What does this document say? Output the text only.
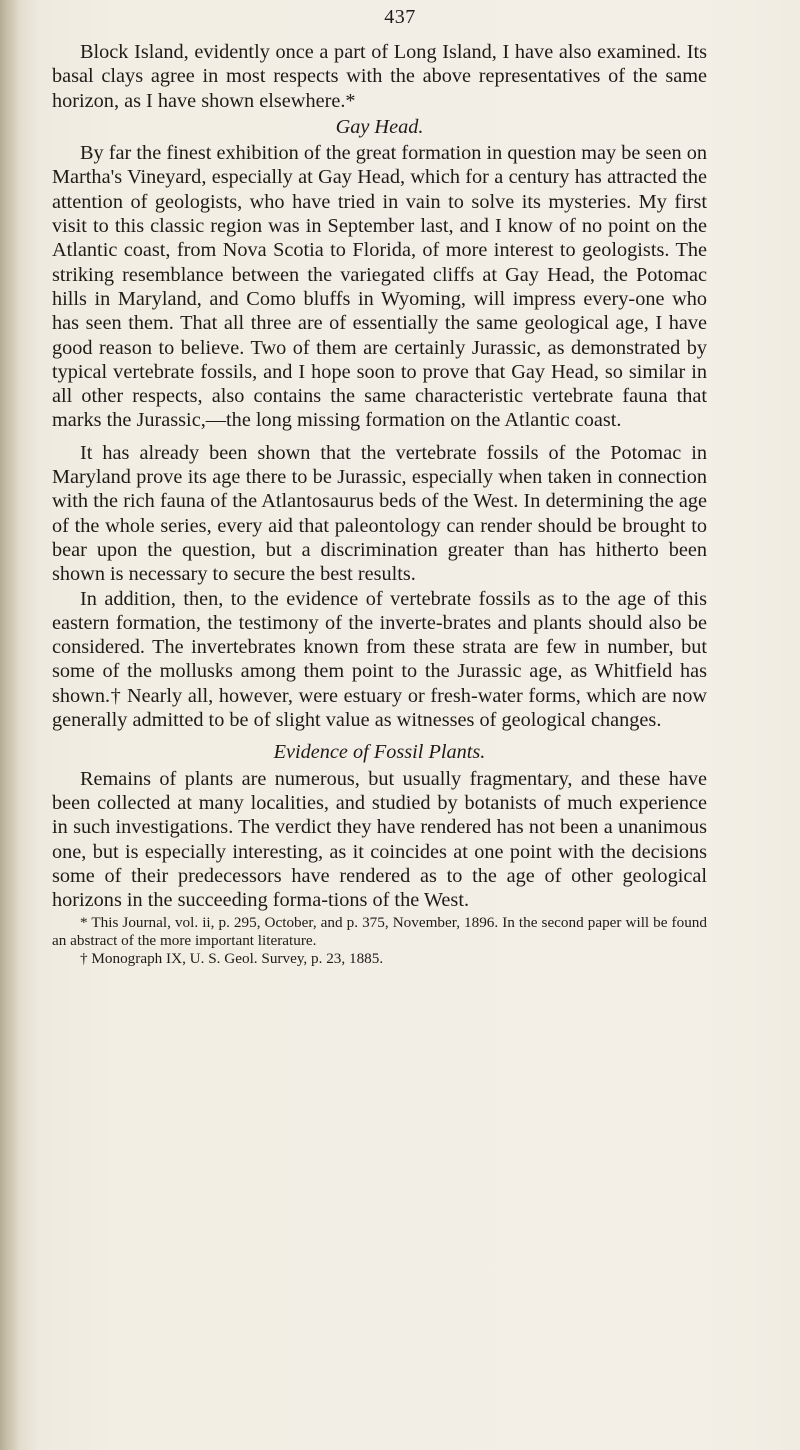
437

Block Island, evidently once a part of Long Island, I have also examined. Its basal clays agree in most respects with the above representatives of the same horizon, as I have shown elsewhere.*

Gay Head.

By far the finest exhibition of the great formation in question may be seen on Martha's Vineyard, especially at Gay Head, which for a century has attracted the attention of geologists, who have tried in vain to solve its mysteries. My first visit to this classic region was in September last, and I know of no point on the Atlantic coast, from Nova Scotia to Florida, of more interest to geologists. The striking resemblance between the variegated cliffs at Gay Head, the Potomac hills in Maryland, and Como bluffs in Wyoming, will impress every-one who has seen them. That all three are of essentially the same geological age, I have good reason to believe. Two of them are certainly Jurassic, as demonstrated by typical vertebrate fossils, and I hope soon to prove that Gay Head, so similar in all other respects, also contains the same characteristic vertebrate fauna that marks the Jurassic,—the long missing formation on the Atlantic coast.

It has already been shown that the vertebrate fossils of the Potomac in Maryland prove its age there to be Jurassic, especially when taken in connection with the rich fauna of the Atlantosaurus beds of the West. In determining the age of the whole series, every aid that paleontology can render should be brought to bear upon the question, but a discrimination greater than has hitherto been shown is necessary to secure the best results.

In addition, then, to the evidence of vertebrate fossils as to the age of this eastern formation, the testimony of the inverte-brates and plants should also be considered. The invertebrates known from these strata are few in number, but some of the mollusks among them point to the Jurassic age, as Whitfield has shown.† Nearly all, however, were estuary or fresh-water forms, which are now generally admitted to be of slight value as witnesses of geological changes.

Evidence of Fossil Plants.

Remains of plants are numerous, but usually fragmentary, and these have been collected at many localities, and studied by botanists of much experience in such investigations. The verdict they have rendered has not been a unanimous one, but is especially interesting, as it coincides at one point with the decisions some of their predecessors have rendered as to the age of other geological horizons in the succeeding forma-tions of the West.

* This Journal, vol. ii, p. 295, October, and p. 375, November, 1896. In the second paper will be found an abstract of the more important literature.

† Monograph IX, U. S. Geol. Survey, p. 23, 1885.
